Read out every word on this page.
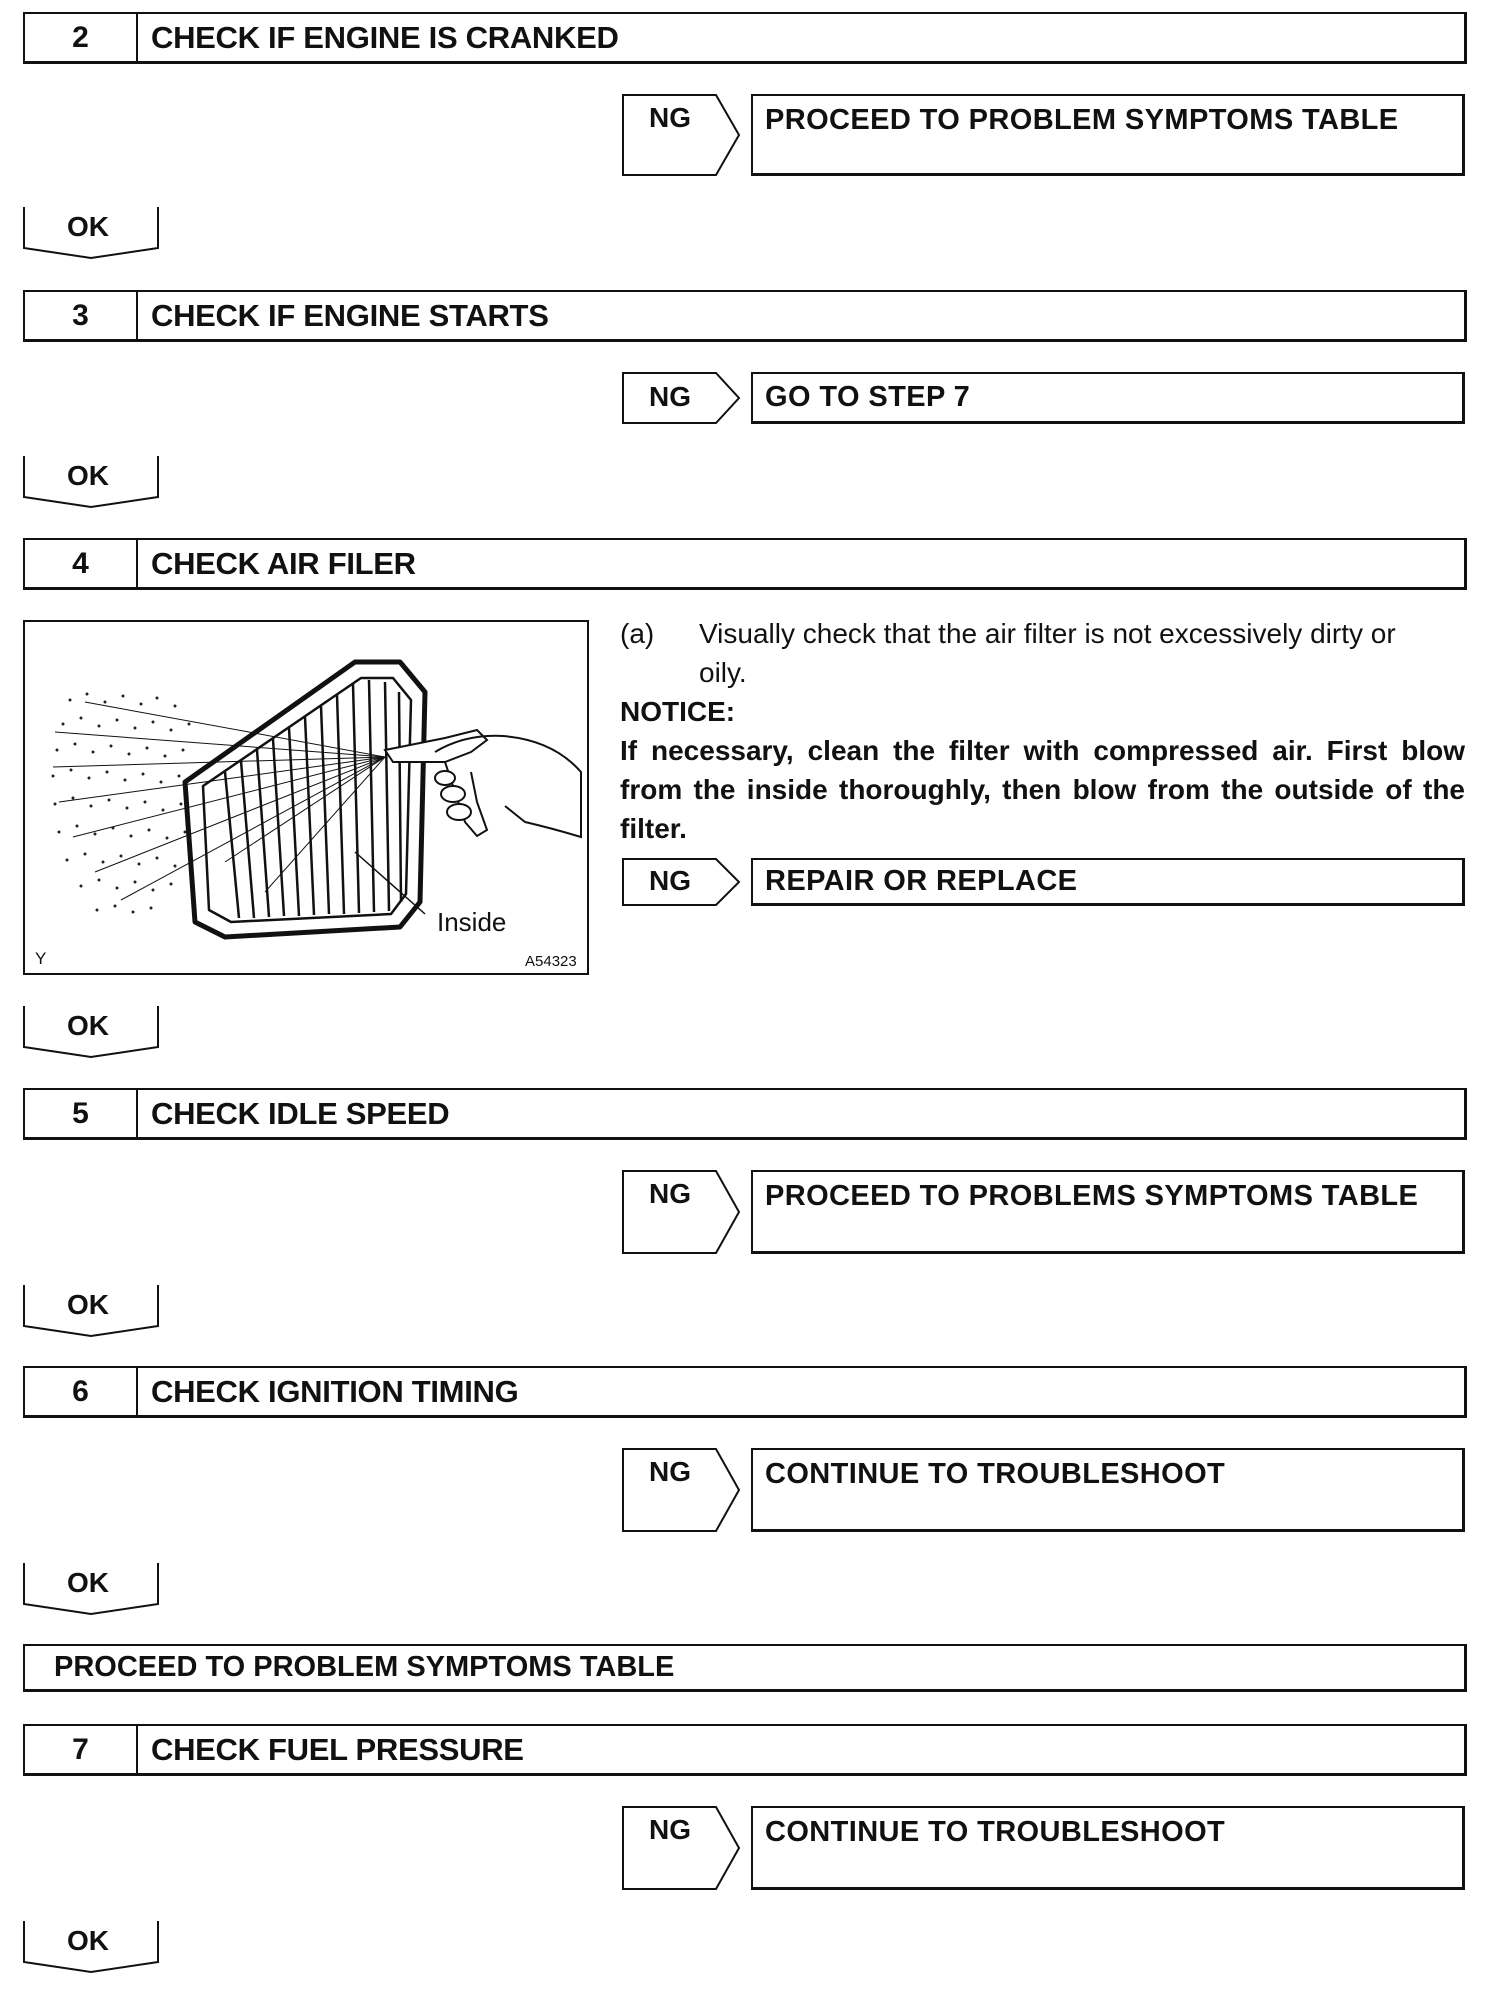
2	CHECK IF ENGINE IS CRANKED
NG	PROCEED TO PROBLEM SYMPTOMS TABLE
OK
3	CHECK IF ENGINE STARTS
NG	GO TO STEP 7
OK
4	CHECK AIR FILER
Inside
Y	A54323
(a) Visually check that the air filter is not excessively dirty or
oily.
NOTICE:
If necessary, clean the filter with compressed air. First blow from the inside thoroughly, then blow from the outside of the filter.
NG	REPAIR OR REPLACE
OK
5	CHECK IDLE SPEED
NG	PROCEED TO PROBLEMS SYMPTOMS TABLE
OK
6	CHECK IGNITION TIMING
NG	CONTINUE TO TROUBLESHOOT
OK
PROCEED TO PROBLEM SYMPTOMS TABLE
7	CHECK FUEL PRESSURE
NG	CONTINUE TO TROUBLESHOOT
OK
